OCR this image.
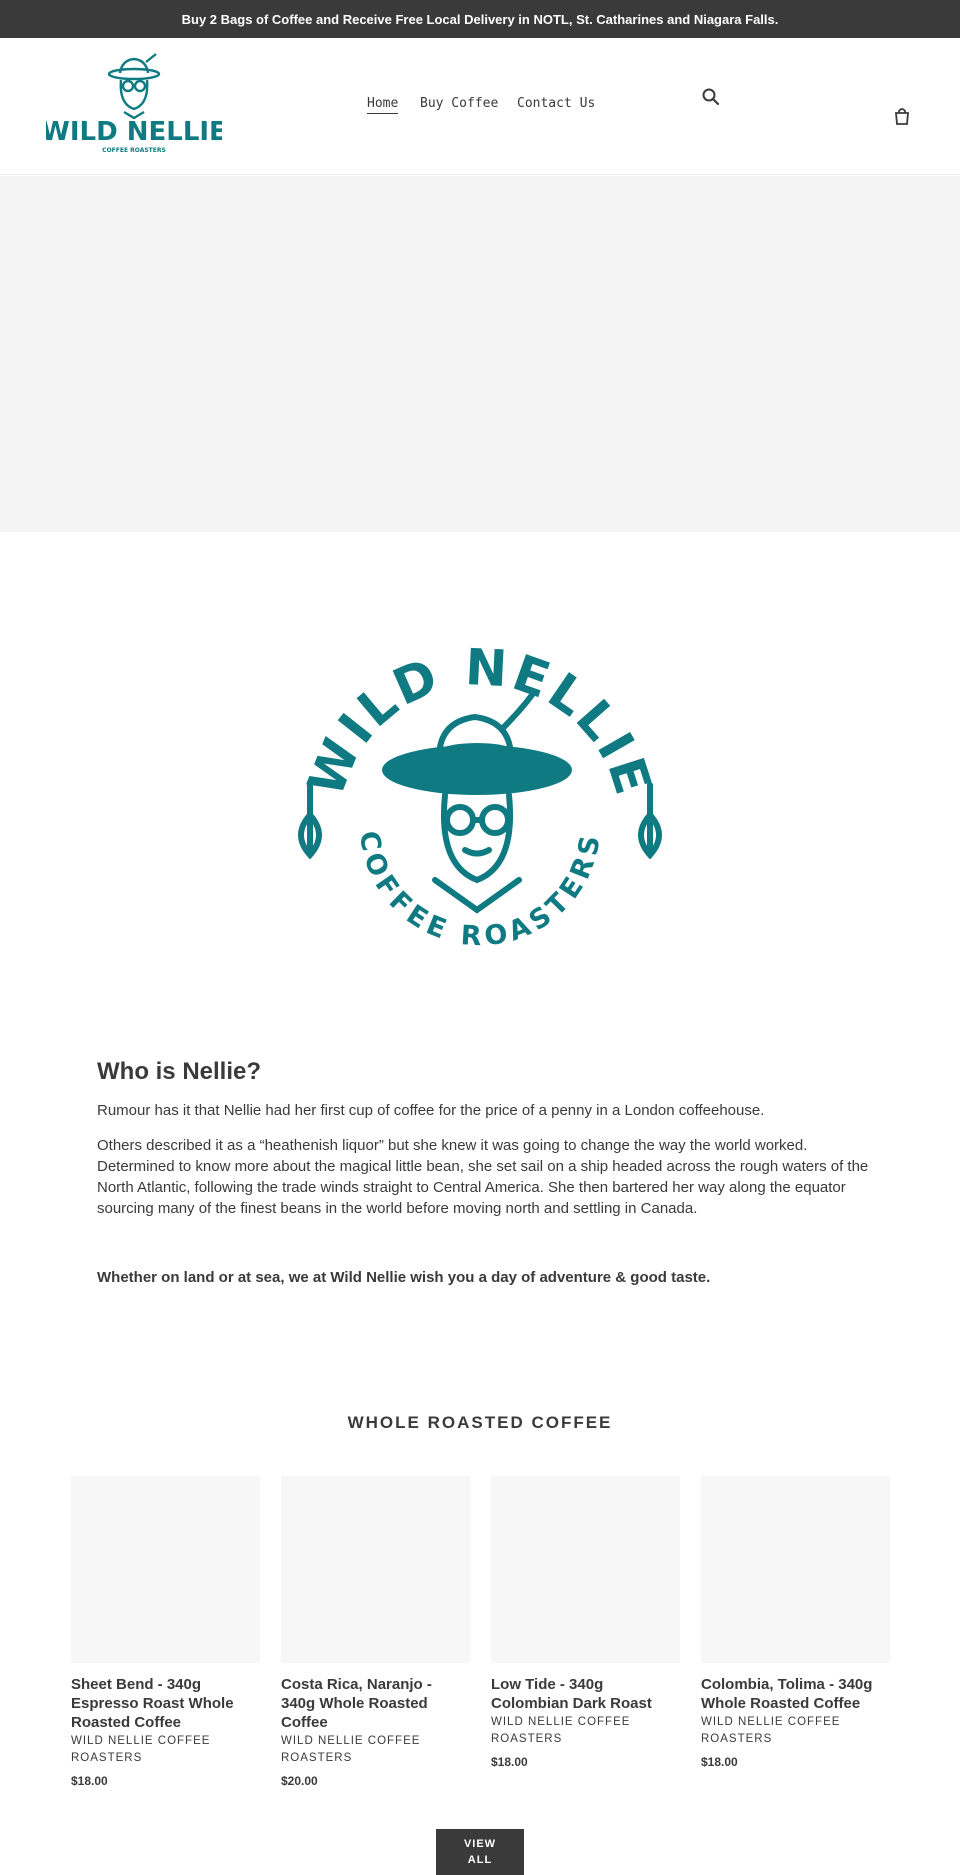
Buy 2 Bags of Coffee and Receive Free Local Delivery in NOTL, St. Catharines and Niagara Falls.
WILD NELLIE
COFFEE ROASTERS
Home Buy Coffee Contact Us
WILD NELLIE
COFFEE ROASTERS
Who is Nellie?

Rumour has it that Nellie had her first cup of coffee for the price of a penny in a London coffeehouse.

Others described it as a “heathenish liquor” but she knew it was going to change the way the world worked. Determined to know more about the magical little bean, she set sail on a ship headed across the rough waters of the North Atlantic, following the trade winds straight to Central America. She then bartered her way along the equator sourcing many of the finest beans in the world before moving north and settling in Canada.

Whether on land or at sea, we at Wild Nellie wish you a day of adventure & good taste.

WHOLE ROASTED COFFEE
Sheet Bend - 340g Espresso Roast Whole Roasted Coffee
WILD NELLIE COFFEE ROASTERS
$18.00
Costa Rica, Naranjo - 340g Whole Roasted Coffee
WILD NELLIE COFFEE ROASTERS
$20.00
Low Tide - 340g Colombian Dark Roast
WILD NELLIE COFFEE ROASTERS
$18.00
Colombia, Tolima - 340g Whole Roasted Coffee
WILD NELLIE COFFEE ROASTERS
$18.00
VIEW ALL
